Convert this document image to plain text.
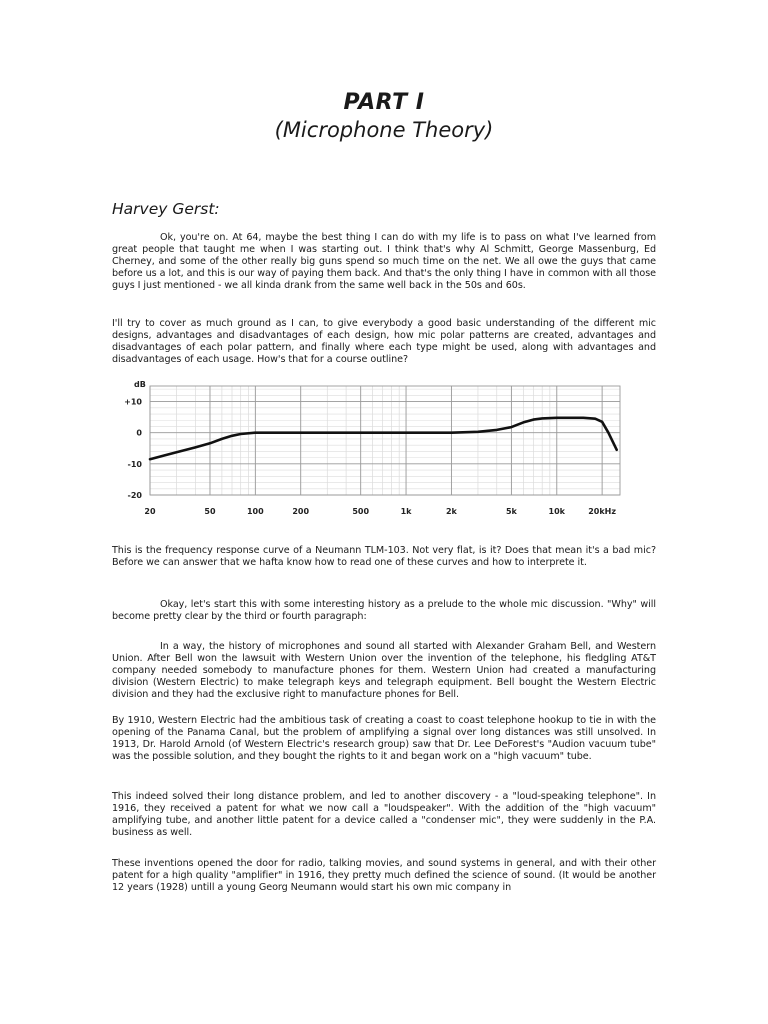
PART I
(Microphone Theory)
Harvey Gerst:

Ok, you're on. At 64, maybe the best thing I can do with my life is to pass on what I've learned from great people that taught me when I was starting out. I think that's why Al Schmitt, George Massenburg, Ed Cherney, and some of the other really big guns spend so much time on the net. We all owe the guys that came before us a lot, and this is our way of paying them back. And that's the only thing I have in common with all those guys I just mentioned - we all kinda drank from the same well back in the 50s and 60s.

I'll try to cover as much ground as I can, to give everybody a good basic understanding of the different mic designs, advantages and disadvantages of each design, how mic polar patterns are created, advantages and disadvantages of each polar pattern, and finally where each type might be used, along with advantages and disadvantages of each usage. How's that for a course outline?

+10
0
-10
-20
20	50	100	200	500	1k	2k	5k	10k	20kHz
dB

This is the frequency response curve of a Neumann TLM-103. Not very flat, is it? Does that mean it's a bad mic? Before we can answer that we hafta know how to read one of these curves and how to interprete it.

Okay, let's start this with some interesting history as a prelude to the whole mic discussion. "Why" will become pretty clear by the third or fourth paragraph:

In a way, the history of microphones and sound all started with Alexander Graham Bell, and Western Union. After Bell won the lawsuit with Western Union over the invention of the telephone, his fledgling AT&T company needed somebody to manufacture phones for them. Western Union had created a manufacturing division (Western Electric) to make telegraph keys and telegraph equipment. Bell bought the Western Electric division and they had the exclusive right to manufacture phones for Bell.

By 1910, Western Electric had the ambitious task of creating a coast to coast telephone hookup to tie in with the opening of the Panama Canal, but the problem of amplifying a signal over long distances was still unsolved. In 1913, Dr. Harold Arnold (of Western Electric's research group) saw that Dr. Lee DeForest's "Audion vacuum tube" was the possible solution, and they bought the rights to it and began work on a "high vacuum" tube.

This indeed solved their long distance problem, and led to another discovery - a "loud-speaking telephone". In 1916, they received a patent for what we now call a "loudspeaker". With the addition of the "high vacuum" amplifying tube, and another little patent for a device called a "condenser mic", they were suddenly in the P.A. business as well.

These inventions opened the door for radio, talking movies, and sound systems in general, and with their other patent for a high quality "amplifier" in 1916, they pretty much defined the science of sound. (It would be another 12 years (1928) untill a young Georg Neumann would start his own mic company in
